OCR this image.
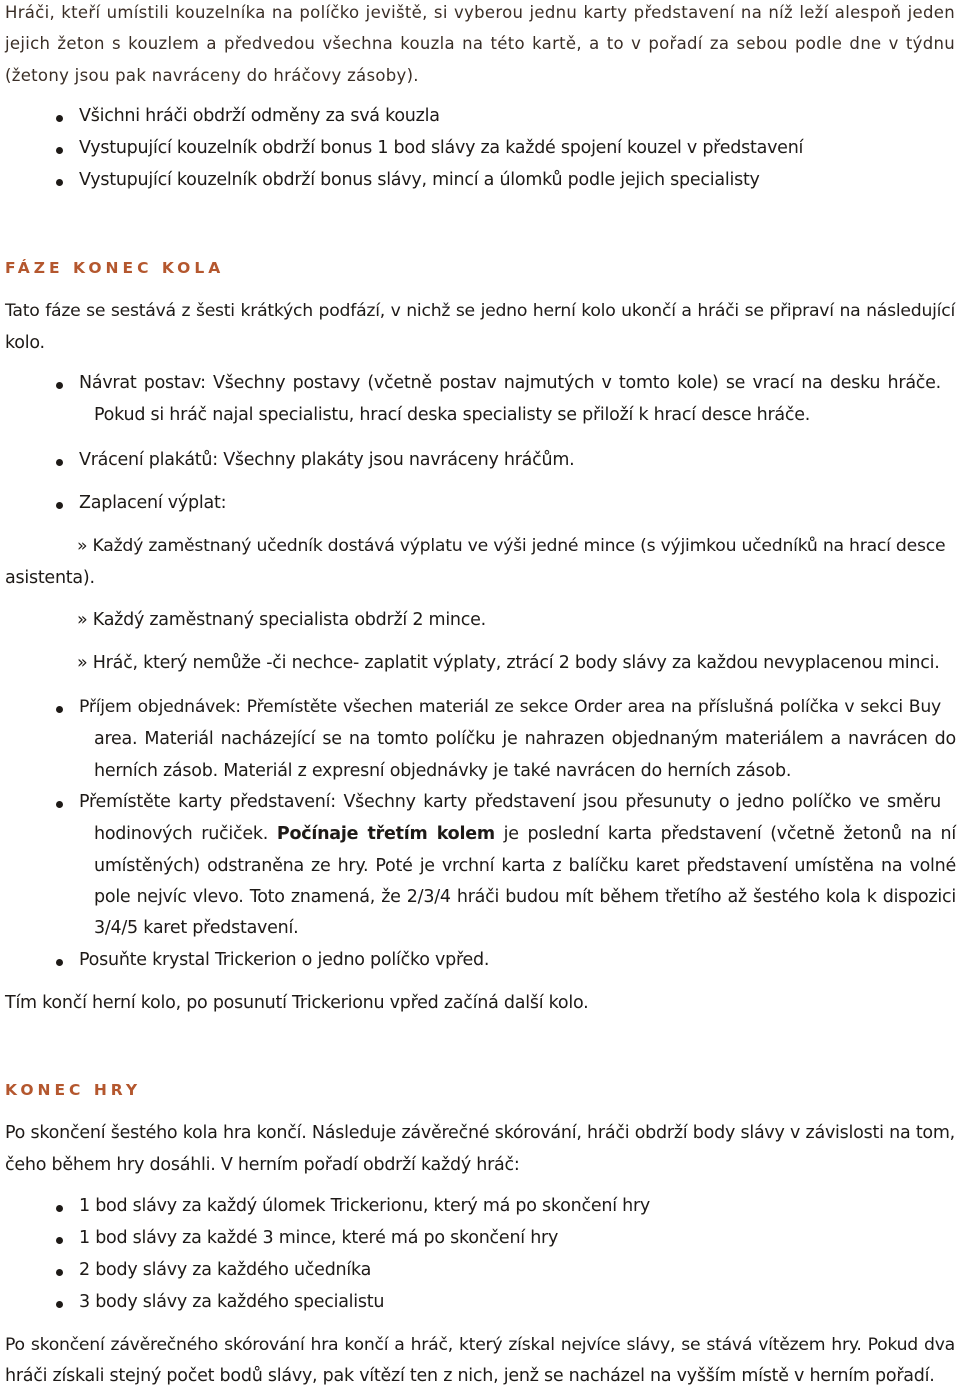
Hráči, kteří umístili kouzelníka na políčko jeviště, si vyberou jednu karty představení na níž leží alespoň jeden
jejich žeton s kouzlem a předvedou všechna kouzla na této kartě, a to v pořadí za sebou podle dne v týdnu
(žetony jsou pak navráceny do hráčovy zásoby).
Všichni hráči obdrží odměny za svá kouzla
Vystupující kouzelník obdrží bonus 1 bod slávy za každé spojení kouzel v představení
Vystupující kouzelník obdrží bonus slávy, mincí a úlomků podle jejich specialisty
FÁZE KONEC KOLA
Tato fáze se sestává z šesti krátkých podfází, v nichž se jedno herní kolo ukončí a hráči se připraví na následující
kolo.
Návrat postav: Všechny postavy (včetně postav najmutých v tomto kole) se vrací na desku hráče.
Pokud si hráč najal specialistu, hrací deska specialisty se přiloží k hrací desce hráče.
Vrácení plakátů: Všechny plakáty jsou navráceny hráčům.
Zaplacení výplat:
» Každý zaměstnaný učedník dostává výplatu ve výši jedné mince (s výjimkou učedníků na hrací desce
asistenta).
» Každý zaměstnaný specialista obdrží 2 mince.
» Hráč, který nemůže -či nechce- zaplatit výplaty, ztrácí 2 body slávy za každou nevyplacenou minci.
Příjem objednávek: Přemístěte všechen materiál ze sekce Order area na příslušná políčka v sekci Buy
area. Materiál nacházející se na tomto políčku je nahrazen objednaným materiálem a navrácen do
herních zásob. Materiál z expresní objednávky je také navrácen do herních zásob.
Přemístěte karty představení: Všechny karty představení jsou přesunuty o jedno políčko ve směru
hodinových ručiček. Počínaje třetím kolem je poslední karta představení (včetně žetonů na ní
umístěných) odstraněna ze hry. Poté je vrchní karta z balíčku karet představení umístěna na volné
pole nejvíc vlevo. Toto znamená, že 2/3/4 hráči budou mít během třetího až šestého kola k dispozici
3/4/5 karet představení.
Posuňte krystal Trickerion o jedno políčko vpřed.
Tím končí herní kolo, po posunutí Trickerionu vpřed začíná další kolo.
KONEC HRY
Po skončení šestého kola hra končí. Následuje závěrečné skórování, hráči obdrží body slávy v závislosti na tom,
čeho během hry dosáhli. V herním pořadí obdrží každý hráč:
1 bod slávy za každý úlomek Trickerionu, který má po skončení hry
1 bod slávy za každé 3 mince, které má po skončení hry
2 body slávy za každého učedníka
3 body slávy za každého specialistu
Po skončení závěrečného skórování hra končí a hráč, který získal nejvíce slávy, se stává vítězem hry. Pokud dva
hráči získali stejný počet bodů slávy, pak vítězí ten z nich, jenž se nacházel na vyšším místě v herním pořadí.
